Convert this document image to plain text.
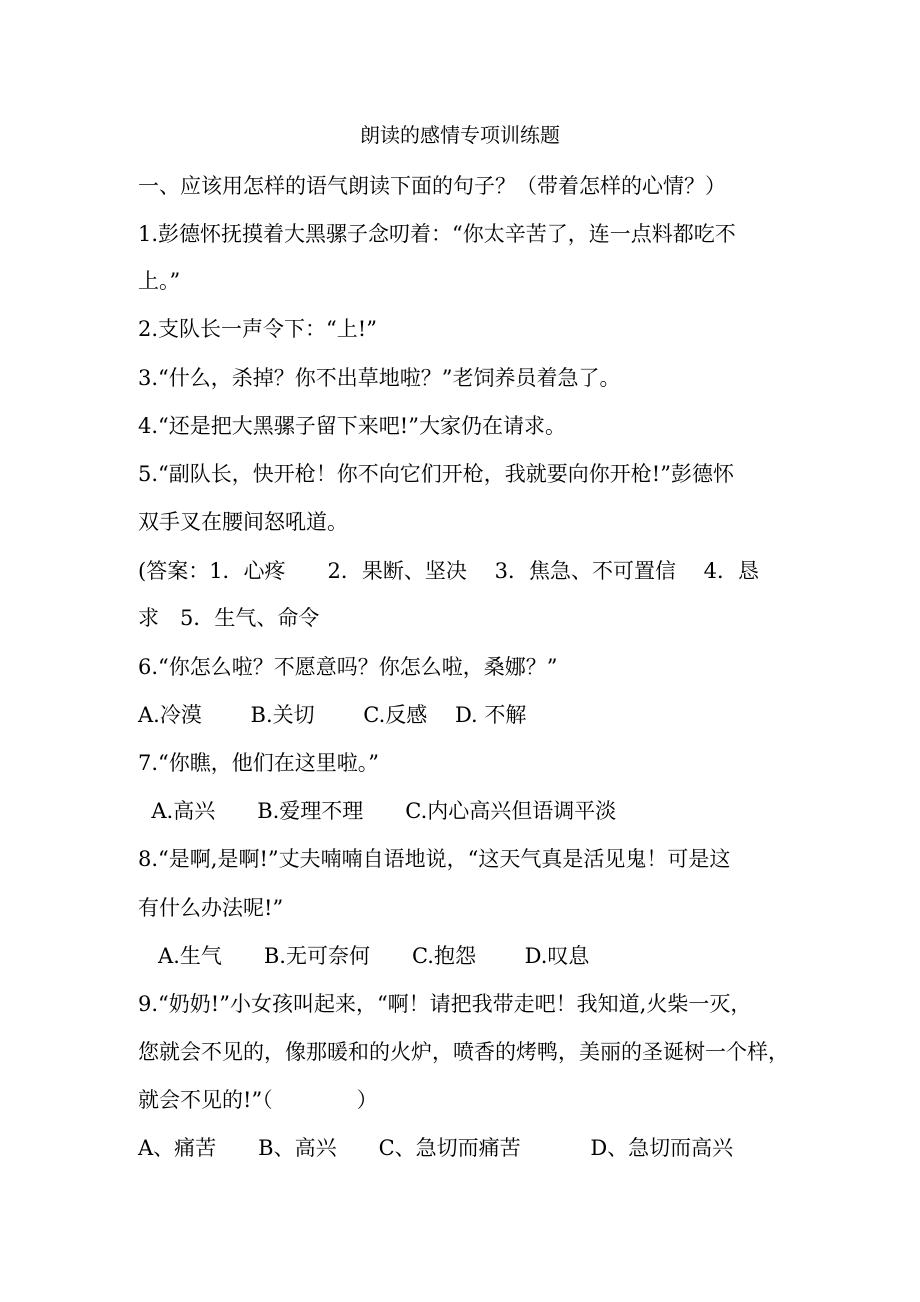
朗读的感情专项训练题
一、应该用怎样的语气朗读下面的句子？（带着怎样的心情？）
1.彭德怀抚摸着大黑骡子念叨着：“你太辛苦了，连一点料都吃不
上。”
2.支队长一声令下：“上!”
3.“什么，杀掉？你不出草地啦？”老饲养员着急了。
4.“还是把大黑骡子留下来吧!”大家仍在请求。
5.“副队长，快开枪！你不向它们开枪，我就要向你开枪!”彭德怀
双手叉在腰间怒吼道。
(答案：1．心疼　　2．果断、坚决　 3．焦急、不可置信　 4．恳
求　5．生气、命令
6.“你怎么啦？不愿意吗？你怎么啦，桑娜？”
A.冷漠　　 B.关切　　 C.反感　 D. 不解
7.“你瞧，他们在这里啦。”
A.高兴　　B.爱理不理　　C.内心高兴但语调平淡
8.“是啊,是啊!”丈夫喃喃自语地说，“这天气真是活见鬼！可是这
有什么办法呢!”
A.生气　　B.无可奈何　　C.抱怨　　 D.叹息
9.“奶奶!”小女孩叫起来，“啊！请把我带走吧！我知道,火柴一灭，
您就会不见的，像那暖和的火炉，喷香的烤鸭，美丽的圣诞树一个样，
就会不见的!”（　　　　）
A、痛苦　　B、高兴　　C、急切而痛苦　　　 D、急切而高兴
